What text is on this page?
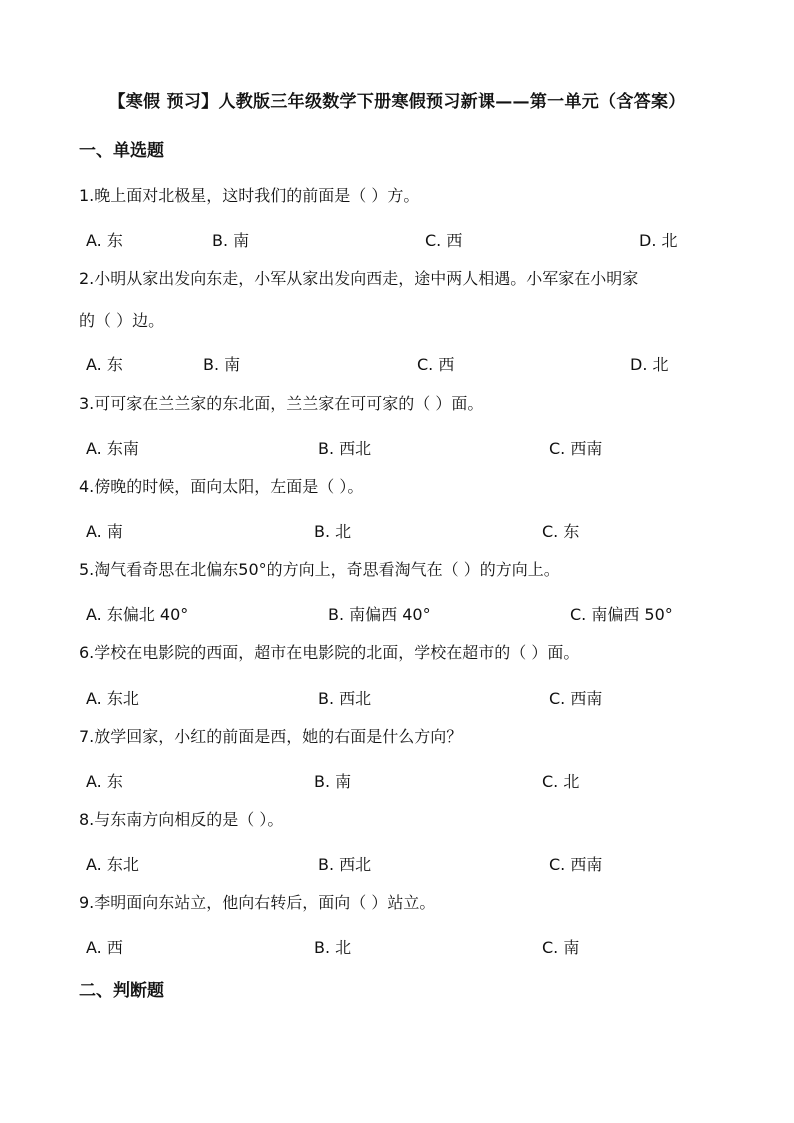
【寒假 预习】人教版三年级数学下册寒假预习新课——第一单元（含答案）
一、单选题
1.晚上面对北极星，这时我们的前面是（ ）方。
A. 东	B. 南	C. 西	D. 北
2.小明从家出发向东走，小军从家出发向西走，途中两人相遇。小军家在小明家
的（ ）边。
A. 东	B. 南	C. 西	D. 北
3.可可家在兰兰家的东北面，兰兰家在可可家的（ ）面。
A. 东南	B. 西北	C. 西南
4.傍晚的时候，面向太阳，左面是（ ）。
A. 南	B. 北	C. 东
5.淘气看奇思在北偏东50°的方向上，奇思看淘气在（ ）的方向上。
A. 东偏北 40°	B. 南偏西 40°	C. 南偏西 50°
6.学校在电影院的西面，超市在电影院的北面，学校在超市的（ ）面。
A. 东北	B. 西北	C. 西南
7.放学回家，小红的前面是西，她的右面是什么方向？
A. 东	B. 南	C. 北
8.与东南方向相反的是（ ）。
A. 东北	B. 西北	C. 西南
9.李明面向东站立，他向右转后，面向（ ）站立。
A. 西	B. 北	C. 南
二、判断题
